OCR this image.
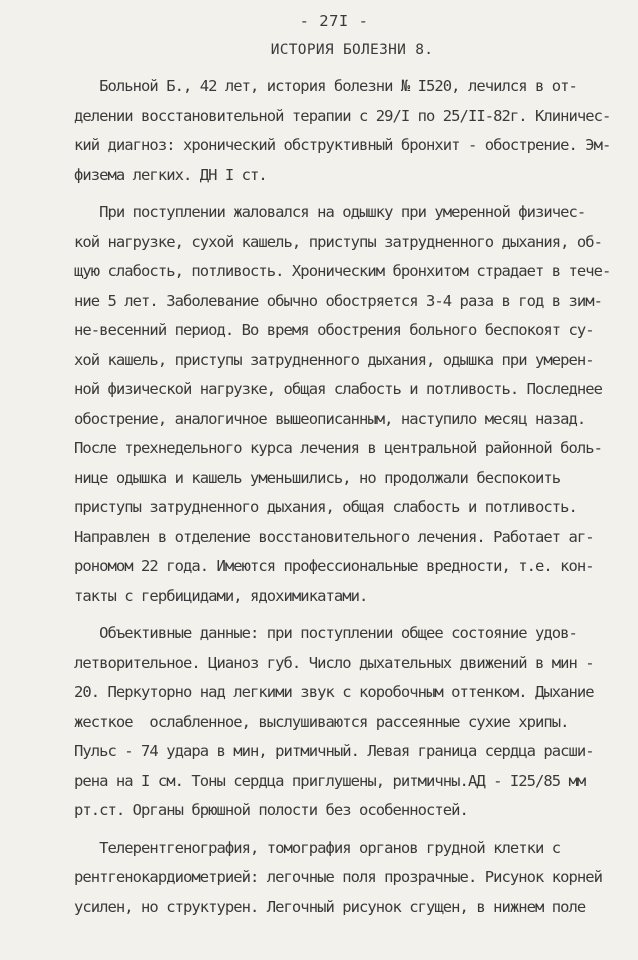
- 27I -
ИСТОРИЯ БОЛЕЗНИ 8.
Больной Б., 42 лет, история болезни № I520, лечился в от-
делении восстановительной терапии с 29/I по 25/II-82г. Клиничес-
кий диагноз: хронический обструктивный бронхит - обострение. Эм-
физема легких. ДН I ст.
При поступлении жаловался на одышку при умеренной физичес-
кой нагрузке, сухой кашель, приступы затрудненного дыхания, об-
щую слабость, потливость. Хроническим бронхитом страдает в тече-
ние 5 лет. Заболевание обычно обостряется 3-4 раза в год в зим-
не-весенний период. Во время обострения больного беспокоят су-
хой кашель, приступы затрудненного дыхания, одышка при умерен-
ной физической нагрузке, общая слабость и потливость. Последнее
обострение, аналогичное вышеописанным, наступило месяц назад.
После трехнедельного курса лечения в центральной районной боль-
нице одышка и кашель уменьшились, но продолжали беспокоить
приступы затрудненного дыхания, общая слабость и потливость.
Направлен в отделение восстановительного лечения. Работает аг-
рономом 22 года. Имеются профессиональные вредности, т.е. кон-
такты с гербицидами, ядохимикатами.
Объективные данные: при поступлении общее состояние удов-
летворительное. Цианоз губ. Число дыхательных движений в мин -
20. Перкуторно над легкими звук с коробочным оттенком. Дыхание
жесткое  ослабленное, выслушиваются рассеянные сухие хрипы.
Пульс - 74 удара в мин, ритмичный. Левая граница сердца расши-
рена на I см. Тоны сердца приглушены, ритмичны.АД - I25/85 мм
рт.ст. Органы брюшной полости без особенностей.
Телерентгенография, томография органов грудной клетки с
рентгенокардиометрией: легочные поля прозрачные. Рисунок корней
усилен, но структурен. Легочный рисунок сгущен, в нижнем поле
